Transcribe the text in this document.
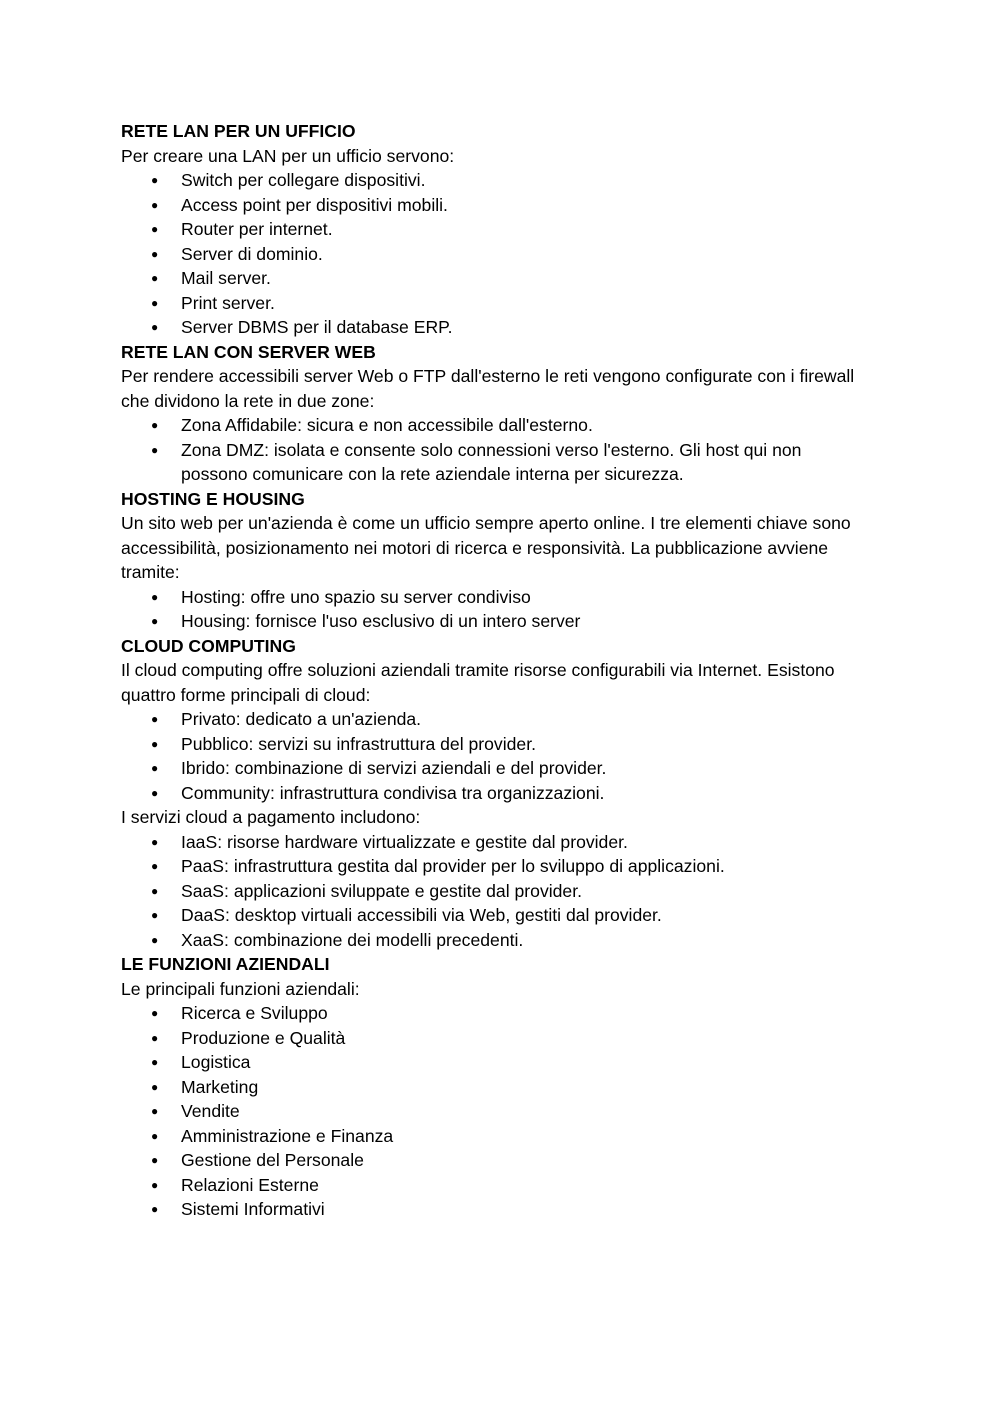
RETE LAN PER UN UFFICIO
Per creare una LAN per un ufficio servono:
● Switch per collegare dispositivi.
● Access point per dispositivi mobili.
● Router per internet.
● Server di dominio.
● Mail server.
● Print server.
● Server DBMS per il database ERP.
RETE LAN CON SERVER WEB
Per rendere accessibili server Web o FTP dall'esterno le reti vengono configurate con i firewall che dividono la rete in due zone:
● Zona Affidabile: sicura e non accessibile dall'esterno.
● Zona DMZ: isolata e consente solo connessioni verso l'esterno. Gli host qui non possono comunicare con la rete aziendale interna per sicurezza.
HOSTING E HOUSING
Un sito web per un'azienda è come un ufficio sempre aperto online. I tre elementi chiave sono accessibilità, posizionamento nei motori di ricerca e responsività. La pubblicazione avviene tramite:
● Hosting: offre uno spazio su server condiviso
● Housing: fornisce l'uso esclusivo di un intero server
CLOUD COMPUTING
Il cloud computing offre soluzioni aziendali tramite risorse configurabili via Internet. Esistono quattro forme principali di cloud:
● Privato: dedicato a un'azienda.
● Pubblico: servizi su infrastruttura del provider.
● Ibrido: combinazione di servizi aziendali e del provider.
● Community: infrastruttura condivisa tra organizzazioni.
I servizi cloud a pagamento includono:
● IaaS: risorse hardware virtualizzate e gestite dal provider.
● PaaS: infrastruttura gestita dal provider per lo sviluppo di applicazioni.
● SaaS: applicazioni sviluppate e gestite dal provider.
● DaaS: desktop virtuali accessibili via Web, gestiti dal provider.
● XaaS: combinazione dei modelli precedenti.
LE FUNZIONI AZIENDALI
Le principali funzioni aziendali:
● Ricerca e Sviluppo
● Produzione e Qualità
● Logistica
● Marketing
● Vendite
● Amministrazione e Finanza
● Gestione del Personale
● Relazioni Esterne
● Sistemi Informativi
